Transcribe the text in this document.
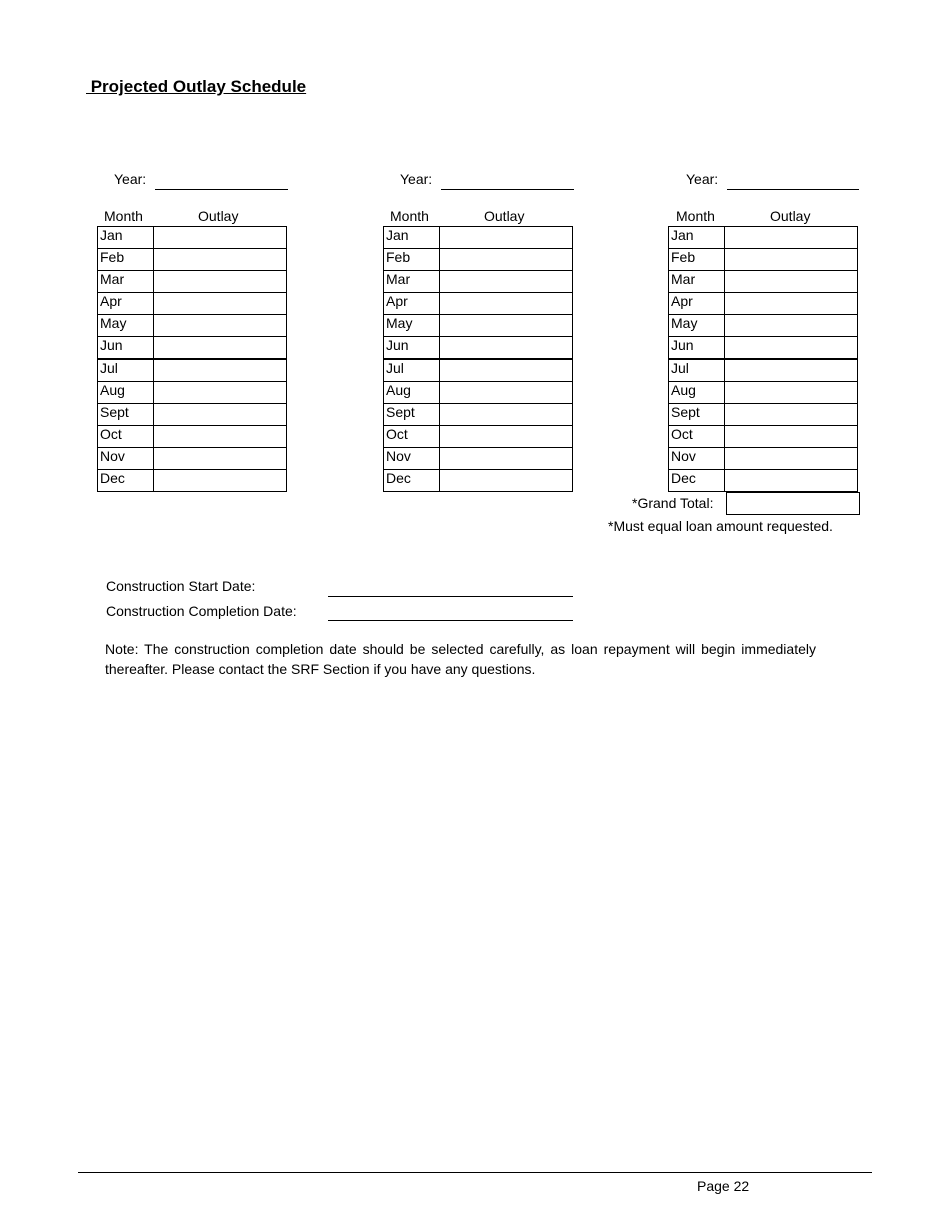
Projected Outlay Schedule
Year:
Month	Outlay
Jan	
Feb	
Mar	
Apr	
May	
Jun	
Jul	
Aug	
Sept	
Oct	
Nov	
Dec	
Year:
Month	Outlay
Jan	
Feb	
Mar	
Apr	
May	
Jun	
Jul	
Aug	
Sept	
Oct	
Nov	
Dec	
Year:
Month	Outlay
Jan	
Feb	
Mar	
Apr	
May	
Jun	
Jul	
Aug	
Sept	
Oct	
Nov	
Dec	
*Grand Total:
*Must equal loan amount requested.
Construction Start Date:
Construction Completion Date:
Note: The construction completion date should be selected carefully, as loan repayment will begin immediately thereafter. Please contact the SRF Section if you have any questions.
Page 22
